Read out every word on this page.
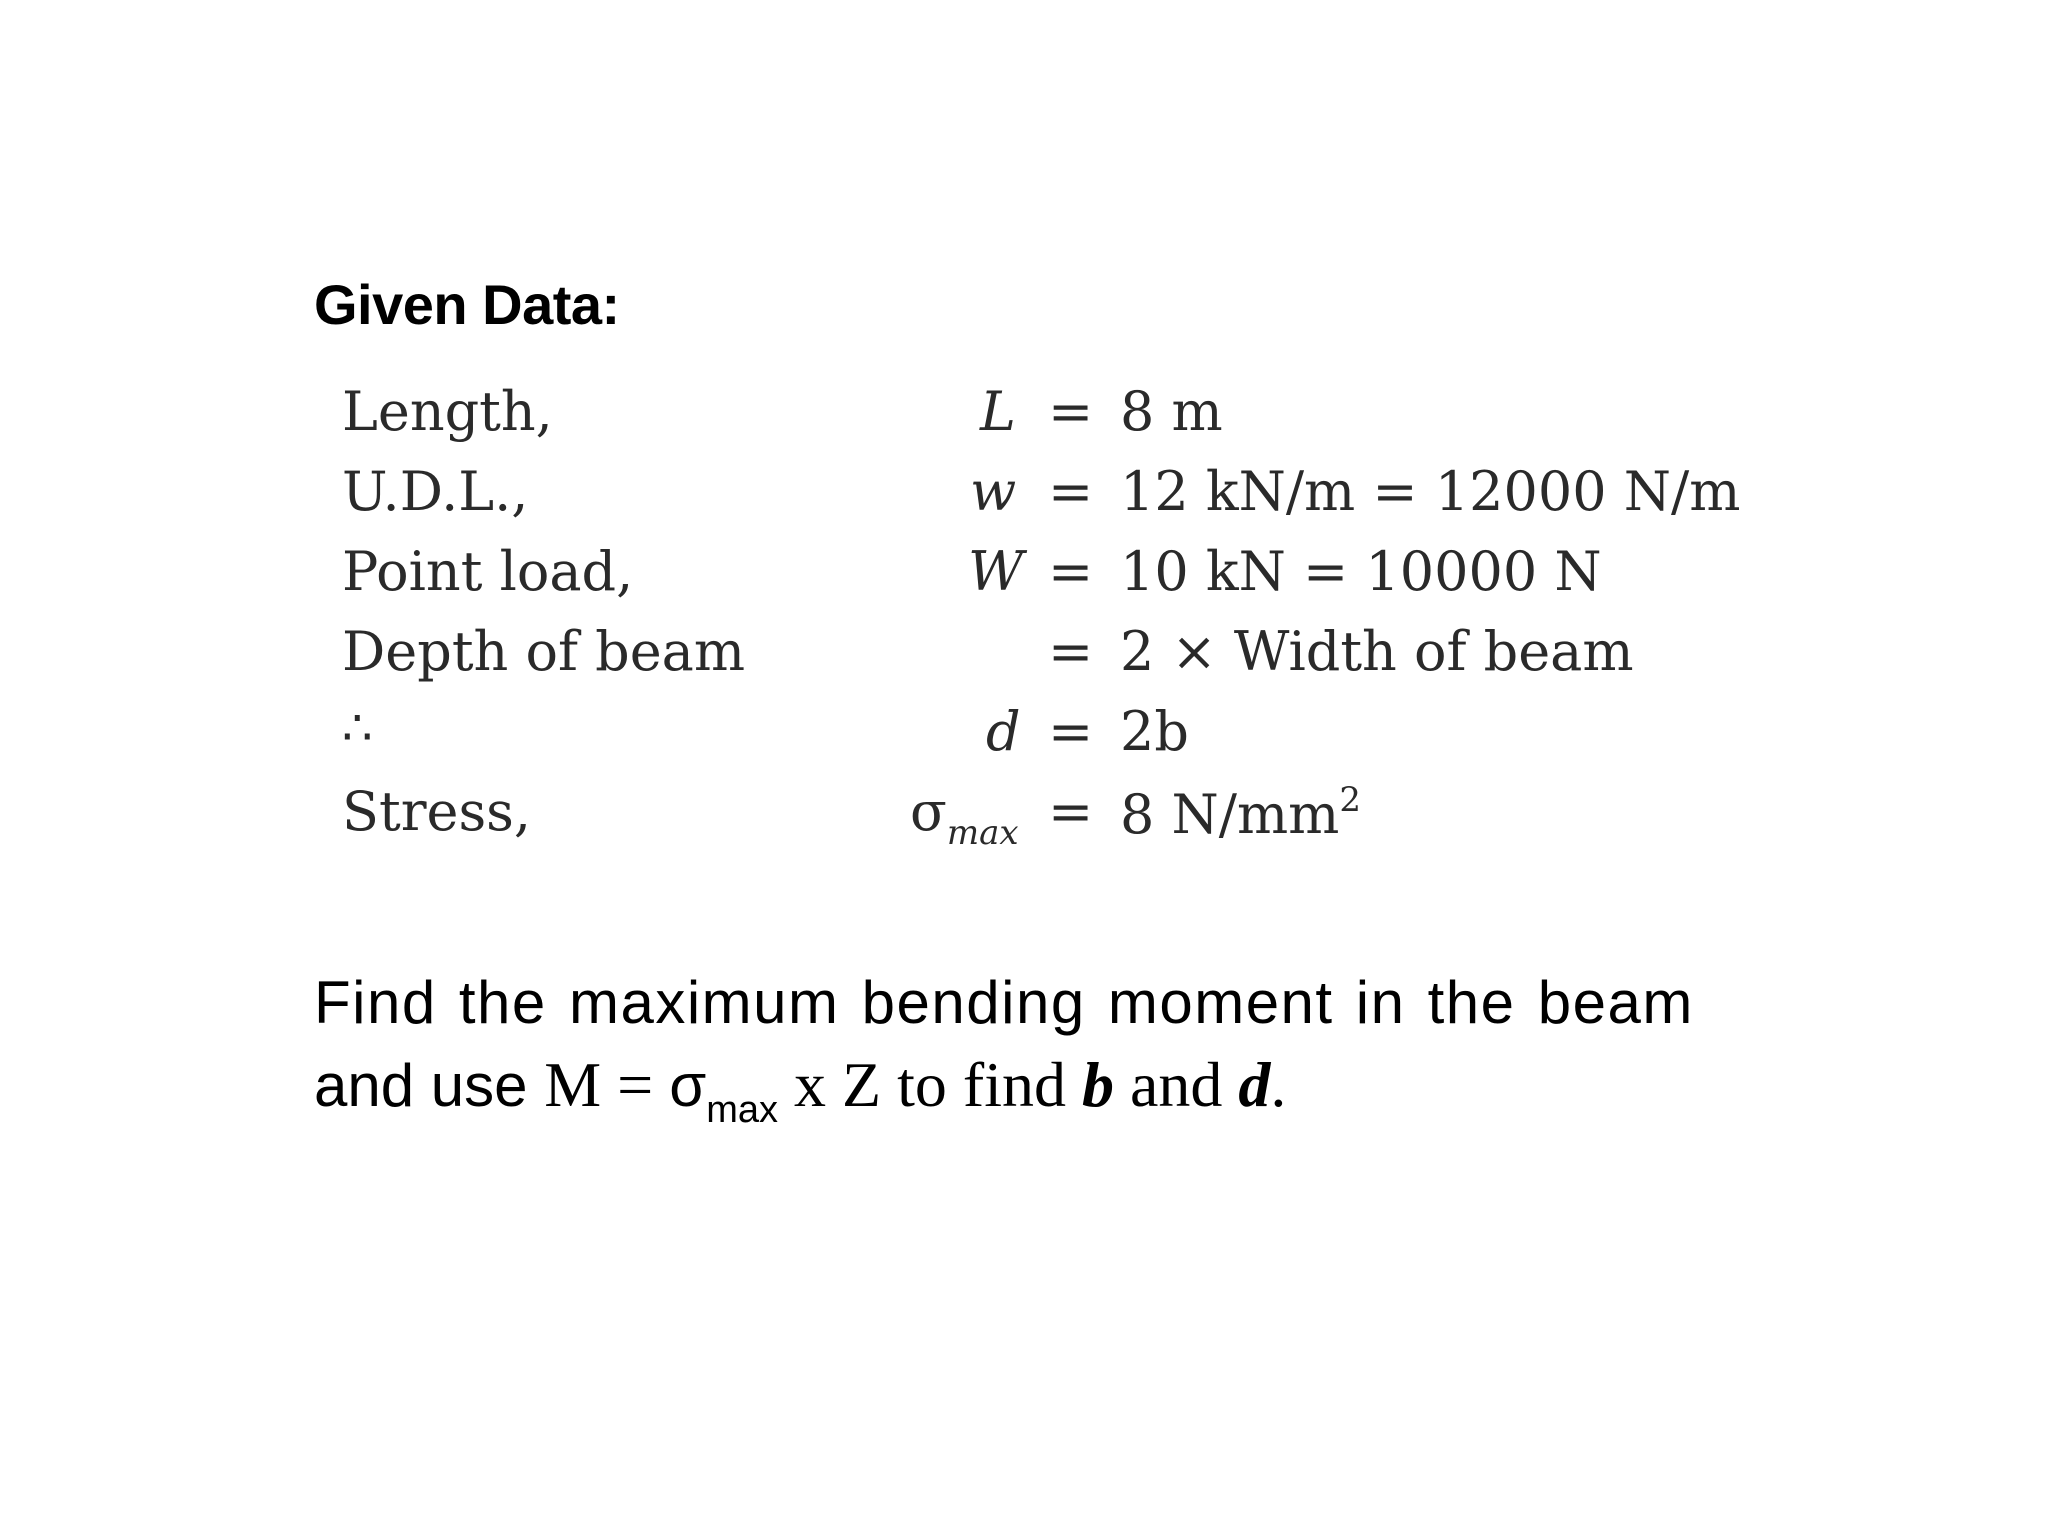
Given Data:
Length,	L = 8 m
U.D.L.,	w = 12 kN/m = 12000 N/m
Point load,	W = 10 kN = 10000 N
Depth of beam	= 2 × Width of beam
∴	d = 2b
Stress,	$\sigma_{max} = 8$ $N/mm^2$
Find the maximum bending moment in the beam
and use $M = \sigma_{max}$ x Z to find b and d.
